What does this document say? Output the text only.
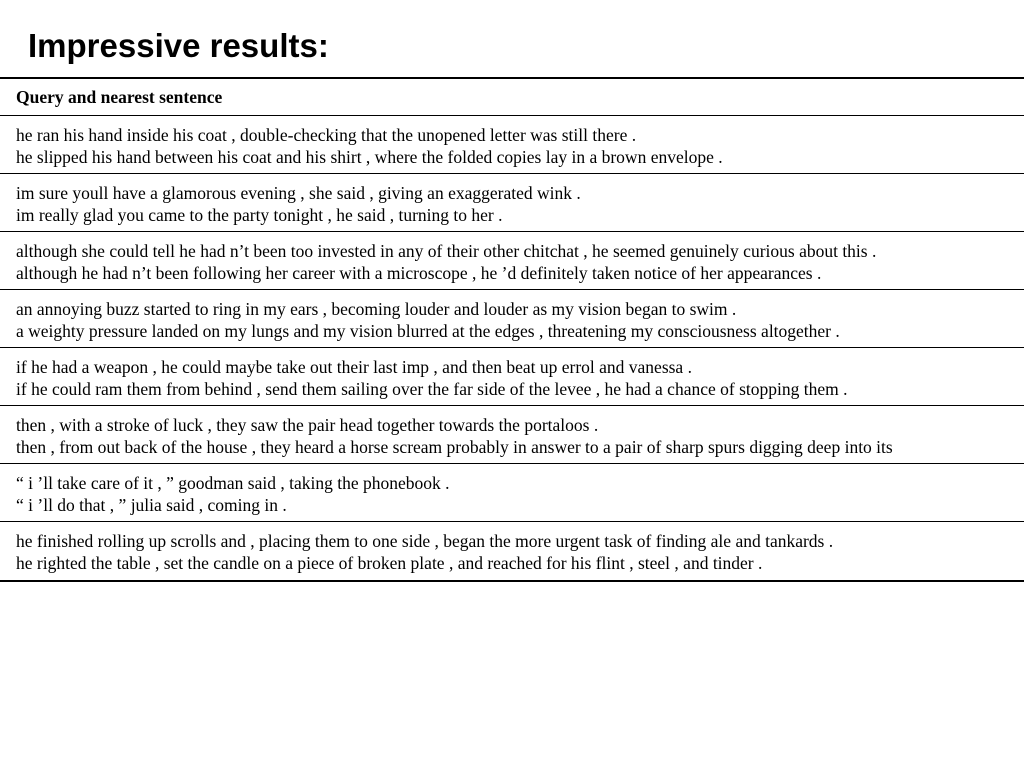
Impressive results:
Query and nearest sentence
he ran his hand inside his coat , double-checking that the unopened letter was still there .
he slipped his hand between his coat and his shirt , where the folded copies lay in a brown envelope .
im sure youll have a glamorous evening , she said , giving an exaggerated wink .
im really glad you came to the party tonight , he said , turning to her .
although she could tell he had n’t been too invested in any of their other chitchat , he seemed genuinely curious about this .
although he had n’t been following her career with a microscope , he ’d definitely taken notice of her appearances .
an annoying buzz started to ring in my ears , becoming louder and louder as my vision began to swim .
a weighty pressure landed on my lungs and my vision blurred at the edges , threatening my consciousness altogether .
if he had a weapon , he could maybe take out their last imp , and then beat up errol and vanessa .
if he could ram them from behind , send them sailing over the far side of the levee , he had a chance of stopping them .
then , with a stroke of luck , they saw the pair head together towards the portaloos .
then , from out back of the house , they heard a horse scream probably in answer to a pair of sharp spurs digging deep into its
“ i ’ll take care of it , ” goodman said , taking the phonebook .
“ i ’ll do that , ” julia said , coming in .
he finished rolling up scrolls and , placing them to one side , began the more urgent task of finding ale and tankards .
he righted the table , set the candle on a piece of broken plate , and reached for his flint , steel , and tinder .
